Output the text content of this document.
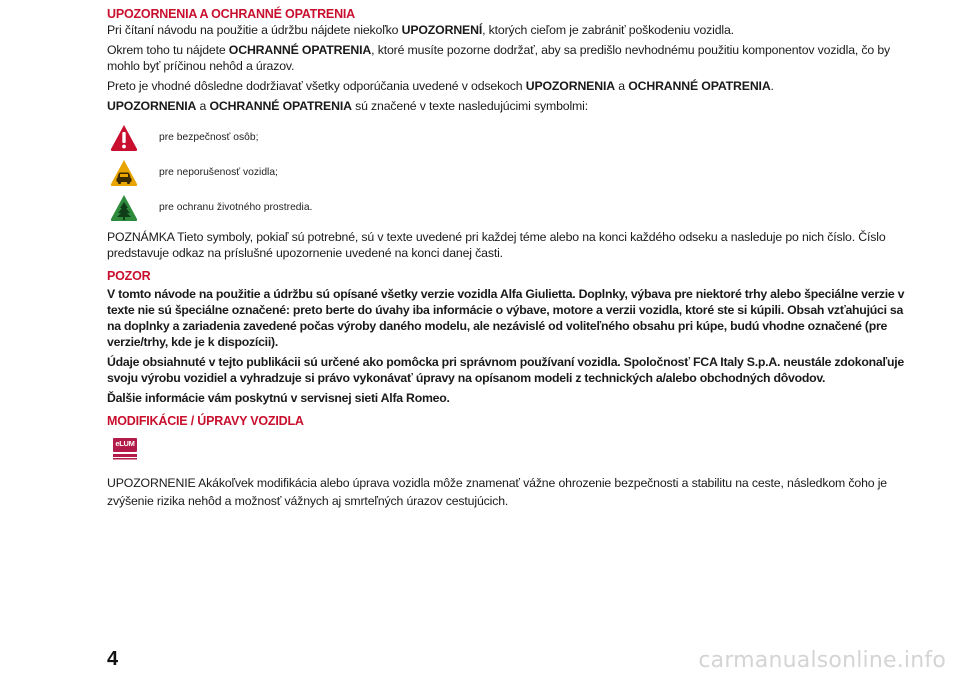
UPOZORNENIA A OCHRANNÉ OPATRENIA

Pri čítaní návodu na použitie a údržbu nájdete niekoľko UPOZORNENÍ, ktorých cieľom je zabrániť poškodeniu vozidla.

Okrem toho tu nájdete OCHRANNÉ OPATRENIA, ktoré musíte pozorne dodržať, aby sa predišlo nevhodnému použitiu komponentov vozidla, čo by mohlo byť príčinou nehôd a úrazov.

Preto je vhodné dôsledne dodržiavať všetky odporúčania uvedené v odsekoch UPOZORNENIA a OCHRANNÉ OPATRENIA.

UPOZORNENIA a OCHRANNÉ OPATRENIA sú značené v texte nasledujúcimi symbolmi:

pre bezpečnosť osôb;
pre neporušenosť vozidla;
pre ochranu životného prostredia.

POZNÁMKA Tieto symboly, pokiaľ sú potrebné, sú v texte uvedené pri každej téme alebo na konci každého odseku a nasleduje po nich číslo. Číslo predstavuje odkaz na príslušné upozornenie uvedené na konci danej časti.

POZOR

V tomto návode na použitie a údržbu sú opísané všetky verzie vozidla Alfa Giulietta. Doplnky, výbava pre niektoré trhy alebo špeciálne verzie v texte nie sú špeciálne označené: preto berte do úvahy iba informácie o výbave, motore a verzii vozidla, ktoré ste si kúpili. Obsah vzťahujúci sa na doplnky a zariadenia zavedené počas výroby daného modelu, ale nezávislé od voliteľného obsahu pri kúpe, budú vhodne označené (pre verzie/trhy, kde je k dispozícii).

Údaje obsiahnuté v tejto publikácii sú určené ako pomôcka pri správnom používaní vozidla. Spoločnosť FCA Italy S.p.A. neustále zdokonaľuje svoju výrobu vozidiel a vyhradzuje si právo vykonávať úpravy na opísanom modeli z technických a/alebo obchodných dôvodov.

Ďalšie informácie vám poskytnú v servisnej sieti Alfa Romeo.

MODIFIKÁCIE / ÚPRAVY VOZIDLA
eLUM

UPOZORNENIE Akákoľvek modifikácia alebo úprava vozidla môže znamenať vážne ohrozenie bezpečnosti a stabilitu na ceste, následkom čoho je zvýšenie rizika nehôd a možnosť vážnych aj smrteľných úrazov cestujúcich.

4	carmanualsonline.info
